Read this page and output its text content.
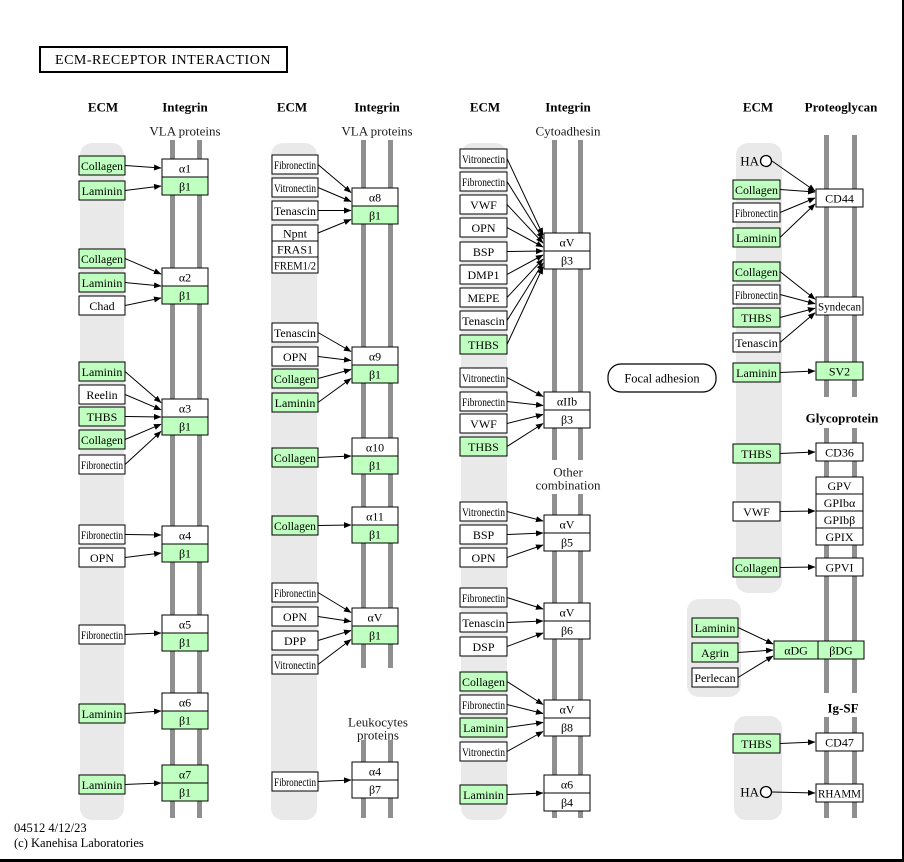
Collagen
Laminin
α1
β1
Collagen
Laminin
Chad
α2
β1
Laminin
Reelin
THBS
Collagen
Fibronectin
α3
β1
Fibronectin
OPN
α4
β1
Fibronectin
α5
β1
Laminin
α6
β1
Laminin
α7
β1
Fibronectin
Vitronectin
Tenascin
Npnt
FRAS1
FREM1/2
α8
β1
Tenascin
OPN
Collagen
Laminin
α9
β1
Collagen
α10
β1
Collagen
α11
β1
Fibronectin
OPN
DPP
Vitronectin
αV
β1
Fibronectin
α4
β7
Vitronectin
Fibronectin
VWF
OPN
BSP
DMP1
MEPE
Tenascin
THBS
αV
β3
Vitronectin
Fibronectin
VWF
THBS
αIIb
β3
Vitronectin
BSP
OPN
αV
β5
Fibronectin
Tenascin
DSP
αV
β6
Collagen
Fibronectin
Laminin
Vitronectin
αV
β8
Laminin
α6
β4
Collagen
Fibronectin
Laminin
CD44
Collagen
Fibronectin
THBS
Tenascin
Syndecan
Laminin	SV2
THBS	CD36
VWF
GPV
GPIbα
GPIbβ
GPIX
Collagen	GPVI
Laminin
Agrin
Perlecan
αDG βDG
THBS	CD47
RHAMM
HA
HA
ECM	Integrin	ECM	Integrin	ECM	Integrin	ECM Proteoglycan
Glycoprotein
Ig-SF
VLA proteins	VLA proteins	Cytoadhesin
Other
combination
Leukocytes
proteins
ECM-RECEPTOR INTERACTION
Focal adhesion
04512 4/12/23
(c) Kanehisa Laboratories
